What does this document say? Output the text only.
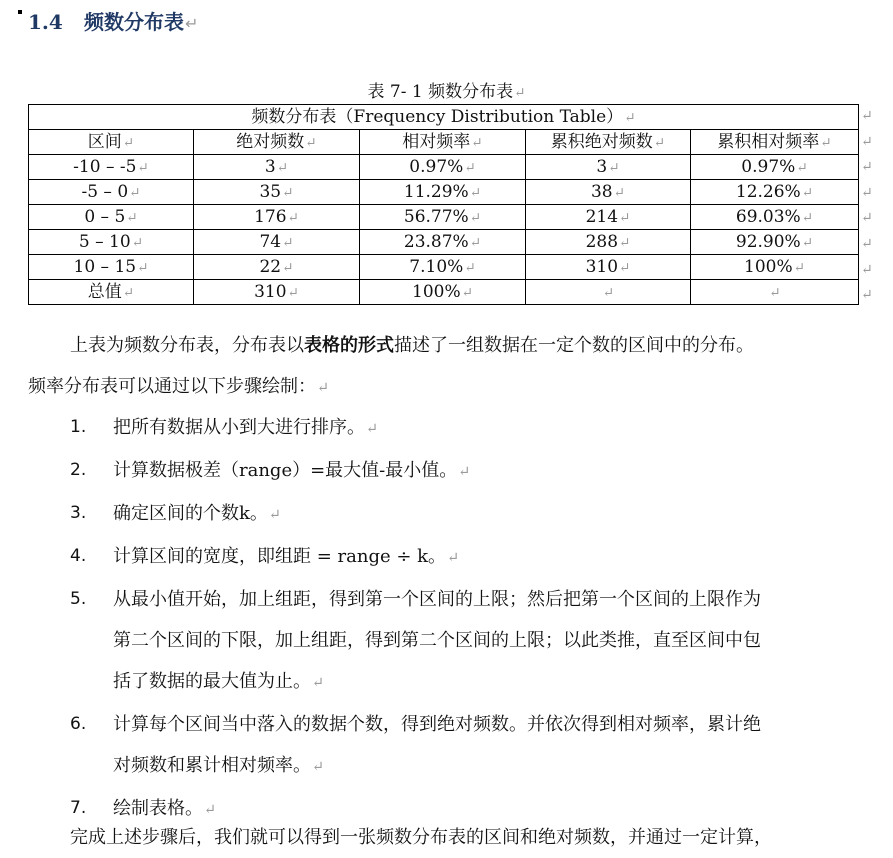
1.4 频数分布表↵
表 7- 1 频数分布表↵
频数分布表（Frequency Distribution Table）↵				
区间↵	绝对频数↵	相对频率↵	累积绝对频数↵	累积相对频率↵
-10 – -5↵	3↵	0.97%↵	3↵	0.97%↵
-5 – 0↵	35↵	11.29%↵	38↵	12.26%↵
0 – 5↵	176↵	56.77%↵	214↵	69.03%↵
5 – 10↵	74↵	23.87%↵	288↵	92.90%↵
10 – 15↵	22↵	7.10%↵	310↵	100%↵
总值↵	310↵	100%↵	↵	↵
↵
↵
↵
↵
↵
↵
↵
↵
上表为频数分布表，分布表以表格的形式描述了一组数据在一定个数的区间中的分布。
频率分布表可以通过以下步骤绘制：↵
1. 把所有数据从小到大进行排序。↵
2. 计算数据极差（range）=最大值-最小值。↵
3. 确定区间的个数k。↵
4. 计算区间的宽度，即组距 = range ÷ k。↵
5. 从最小值开始，加上组距，得到第一个区间的上限；然后把第一个区间的上限作为
第二个区间的下限，加上组距，得到第二个区间的上限；以此类推，直至区间中包
括了数据的最大值为止。↵
6. 计算每个区间当中落入的数据个数，得到绝对频数。并依次得到相对频率，累计绝
对频数和累计相对频率。↵
7. 绘制表格。↵
完成上述步骤后，我们就可以得到一张频数分布表的区间和绝对频数，并通过一定计算，
